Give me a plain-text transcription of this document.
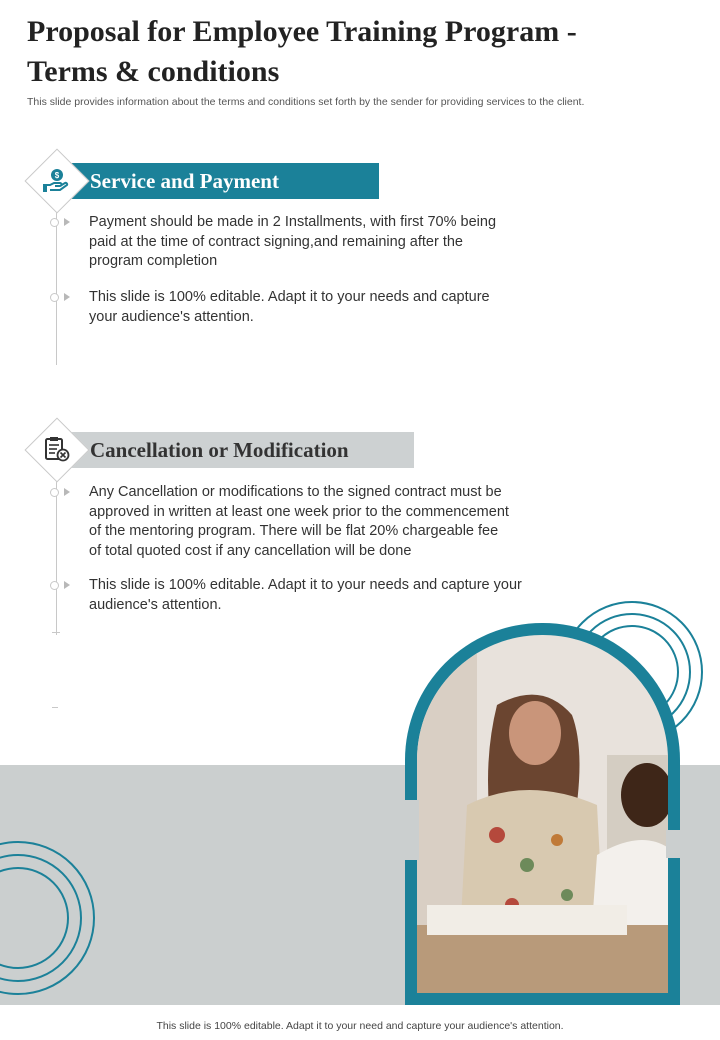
Proposal for Employee Training Program -
Terms & conditions
This slide provides information about the terms and conditions set forth by the sender for providing services to the client.
Service and Payment
$
Payment should be made in 2 Installments, with first 70% being
paid at the time of contract signing,and remaining after the
program completion
This slide is 100% editable. Adapt it to your needs and capture
your audience's attention.
Cancellation or Modification
Any Cancellation or modifications to the signed contract must be
approved in written at least one week prior to the commencement
of the mentoring program. There will be flat 20% chargeable fee
of total quoted cost if any cancellation will be done
This slide is 100% editable. Adapt it to your needs and capture your
audience's attention.
This slide is 100% editable. Adapt it to your need and capture your audience's attention.
